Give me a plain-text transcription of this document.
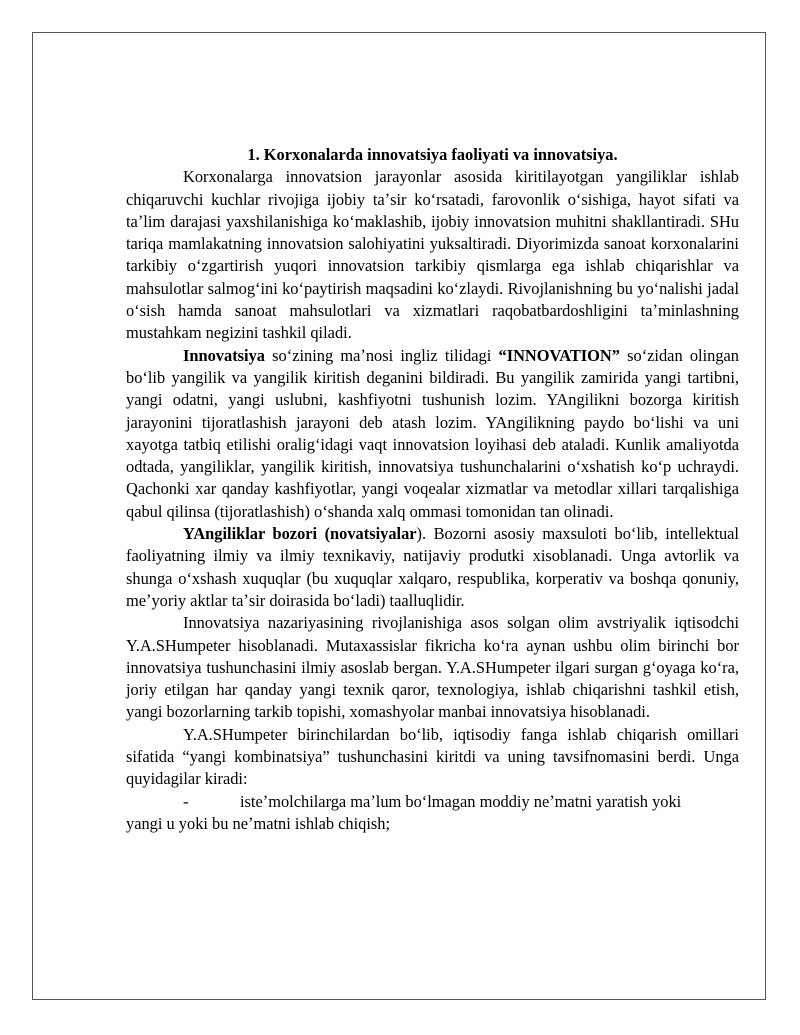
1. Korxonalarda innovatsiya faoliyati va innovatsiya.

Korxonalarga innovatsion jarayonlar asosida kiritilayotgan yangiliklar ishlab chiqaruvchi kuchlar rivojiga ijobiy taʼsir koʻrsatadi, farovonlik oʻsishiga, hayot sifati va taʼlim darajasi yaxshilanishiga koʻmaklashib, ijobiy innovatsion muhitni shakllantiradi. SHu tariqa mamlakatning innovatsion salohiyatini yuksaltiradi. Diyorimizda sanoat korxonalarini tarkibiy oʻzgartirish yuqori innovatsion tarkibiy qismlarga ega ishlab chiqarishlar va mahsulotlar salmogʻini koʻpaytirish maqsadini koʻzlaydi. Rivojlanishning bu yoʻnalishi jadal oʻsish hamda sanoat mahsulotlari va xizmatlari raqobatbardoshligini taʼminlashning mustahkam negizini tashkil qiladi.

Innovatsiya soʻzining maʼnosi ingliz tilidagi “INNOVATION” soʻzidan olingan boʻlib yangilik va yangilik kiritish deganini bildiradi. Bu yangilik zamirida yangi tartibni, yangi odatni, yangi uslubni, kashfiyotni tushunish lozim. YAngilikni bozorga kiritish jarayonini tijoratlashish jarayoni deb atash lozim. YAngilikning paydo boʻlishi va uni xayotga tatbiq etilishi oraligʻidagi vaqt innovatsion loyihasi deb ataladi. Kunlik amaliyotda odtada, yangiliklar, yangilik kiritish, innovatsiya tushunchalarini oʻxshatish koʻp uchraydi. Qachonki xar qanday kashfiyotlar, yangi voqealar xizmatlar va metodlar xillari tarqalishiga qabul qilinsa (tijoratlashish) oʻshanda xalq ommasi tomonidan tan olinadi.

YAngiliklar bozori (novatsiyalar). Bozorni asosiy maxsuloti boʻlib, intellektual faoliyatning ilmiy va ilmiy texnikaviy, natijaviy produtki xisoblanadi. Unga avtorlik va shunga oʻxshash xuquqlar (bu xuquqlar xalqaro, respublika, korperativ va boshqa qonuniy, meʼyoriy aktlar taʼsir doirasida boʻladi) taalluqlidir.

Innovatsiya nazariyasining rivojlanishiga asos solgan olim avstriyalik iqtisodchi Y.A.SHumpeter hisoblanadi. Mutaxassislar fikricha koʻra aynan ushbu olim birinchi bor innovatsiya tushunchasini ilmiy asoslab bergan. Y.A.SHumpeter ilgari surgan gʻoyaga koʻra, joriy etilgan har qanday yangi texnik qaror, texnologiya, ishlab chiqarishni tashkil etish, yangi bozorlarning tarkib topishi, xomashyolar manbai innovatsiya hisoblanadi.

Y.A.SHumpeter birinchilardan boʻlib, iqtisodiy fanga ishlab chiqarish omillari sifatida “yangi kombinatsiya” tushunchasini kiritdi va uning tavsifnomasini berdi. Unga quyidagilar kiradi:

-	isteʼmolchilarga maʼlum boʻlmagan moddiy neʼmatni yaratish yoki
yangi u yoki bu neʼmatni ishlab chiqish;
